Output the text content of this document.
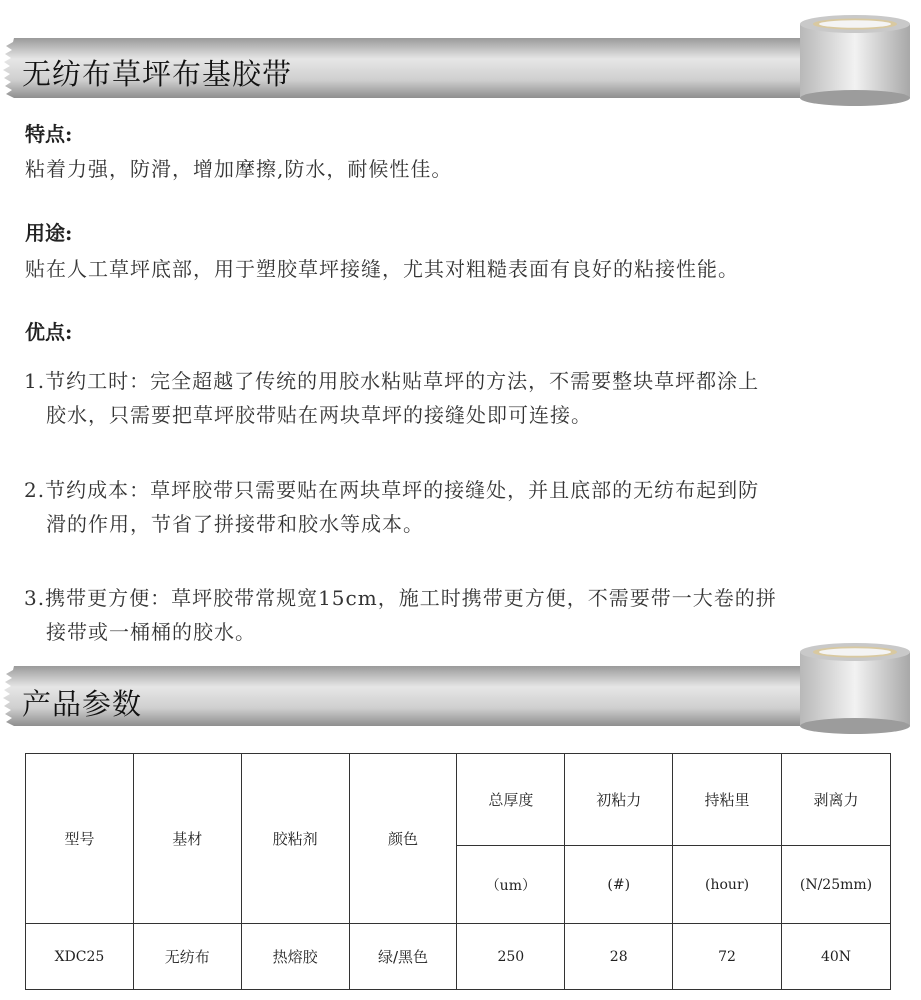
无纺布草坪布基胶带
特点:
粘着力强，防滑，增加摩擦,防水，耐候性佳。
用途:
贴在人工草坪底部，用于塑胶草坪接缝，尤其对粗糙表面有良好的粘接性能。
优点:
1.节约工时：完全超越了传统的用胶水粘贴草坪的方法，不需要整块草坪都涂上
胶水，只需要把草坪胶带贴在两块草坪的接缝处即可连接。
2.节约成本：草坪胶带只需要贴在两块草坪的接缝处，并且底部的无纺布起到防
滑的作用，节省了拼接带和胶水等成本。
3.携带更方便：草坪胶带常规宽15cm，施工时携带更方便，不需要带一大卷的拼
接带或一桶桶的胶水。
产品参数
型号	基材	胶粘剂	颜色	总厚度	初粘力	持粘里	剥离力
				（um）	(#)	(hour)	(N/25mm)
XDC25	无纺布	热熔胶	绿/黑色	250	28	72	40N
